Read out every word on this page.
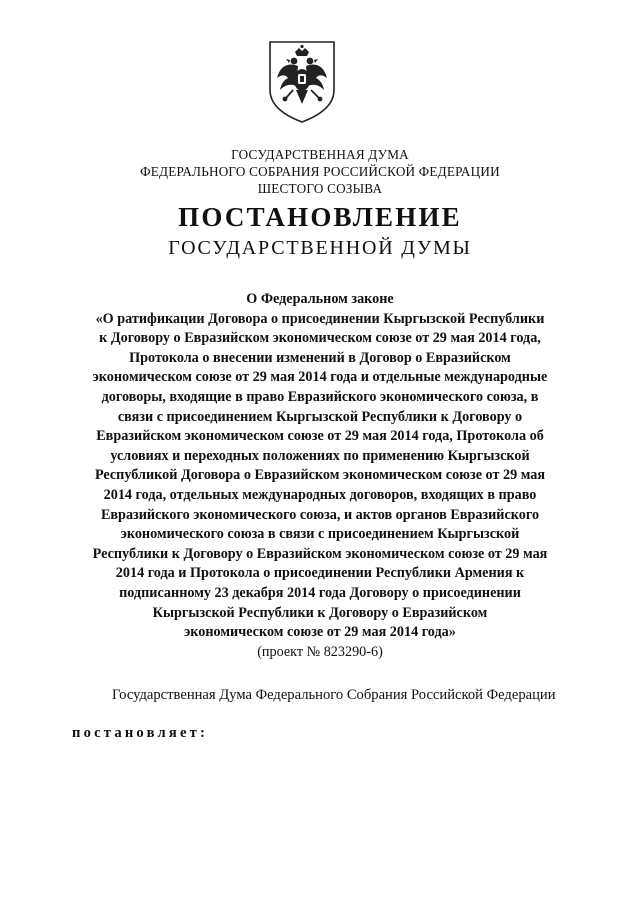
ГОСУДАРСТВЕННАЯ ДУМА
ФЕДЕРАЛЬНОГО СОБРАНИЯ РОССИЙСКОЙ ФЕДЕРАЦИИ
ШЕСТОГО СОЗЫВА
ПОСТАНОВЛЕНИЕ
ГОСУДАРСТВЕННОЙ ДУМЫ
О Федеральном законе
«О ратификации Договора о присоединении Кыргызской Республики
к Договору о Евразийском экономическом союзе от 29 мая 2014 года,
Протокола о внесении изменений в Договор о Евразийском
экономическом союзе от 29 мая 2014 года и отдельные международные
договоры, входящие в право Евразийского экономического союза, в
связи с присоединением Кыргызской Республики к Договору о
Евразийском экономическом союзе от 29 мая 2014 года, Протокола об
условиях и переходных положениях по применению Кыргызской
Республикой Договора о Евразийском экономическом союзе от 29 мая
2014 года, отдельных международных договоров, входящих в право
Евразийского экономического союза, и актов органов Евразийского
экономического союза в связи с присоединением Кыргызской
Республики к Договору о Евразийском экономическом союзе от 29 мая
2014 года и Протокола о присоединении Республики Армения к
подписанному 23 декабря 2014 года Договору о присоединении
Кыргызской Республики к Договору о Евразийском
экономическом союзе от 29 мая 2014 года»
(проект № 823290-6)
Государственная Дума Федерального Собрания Российской Федерации
постановляет:
